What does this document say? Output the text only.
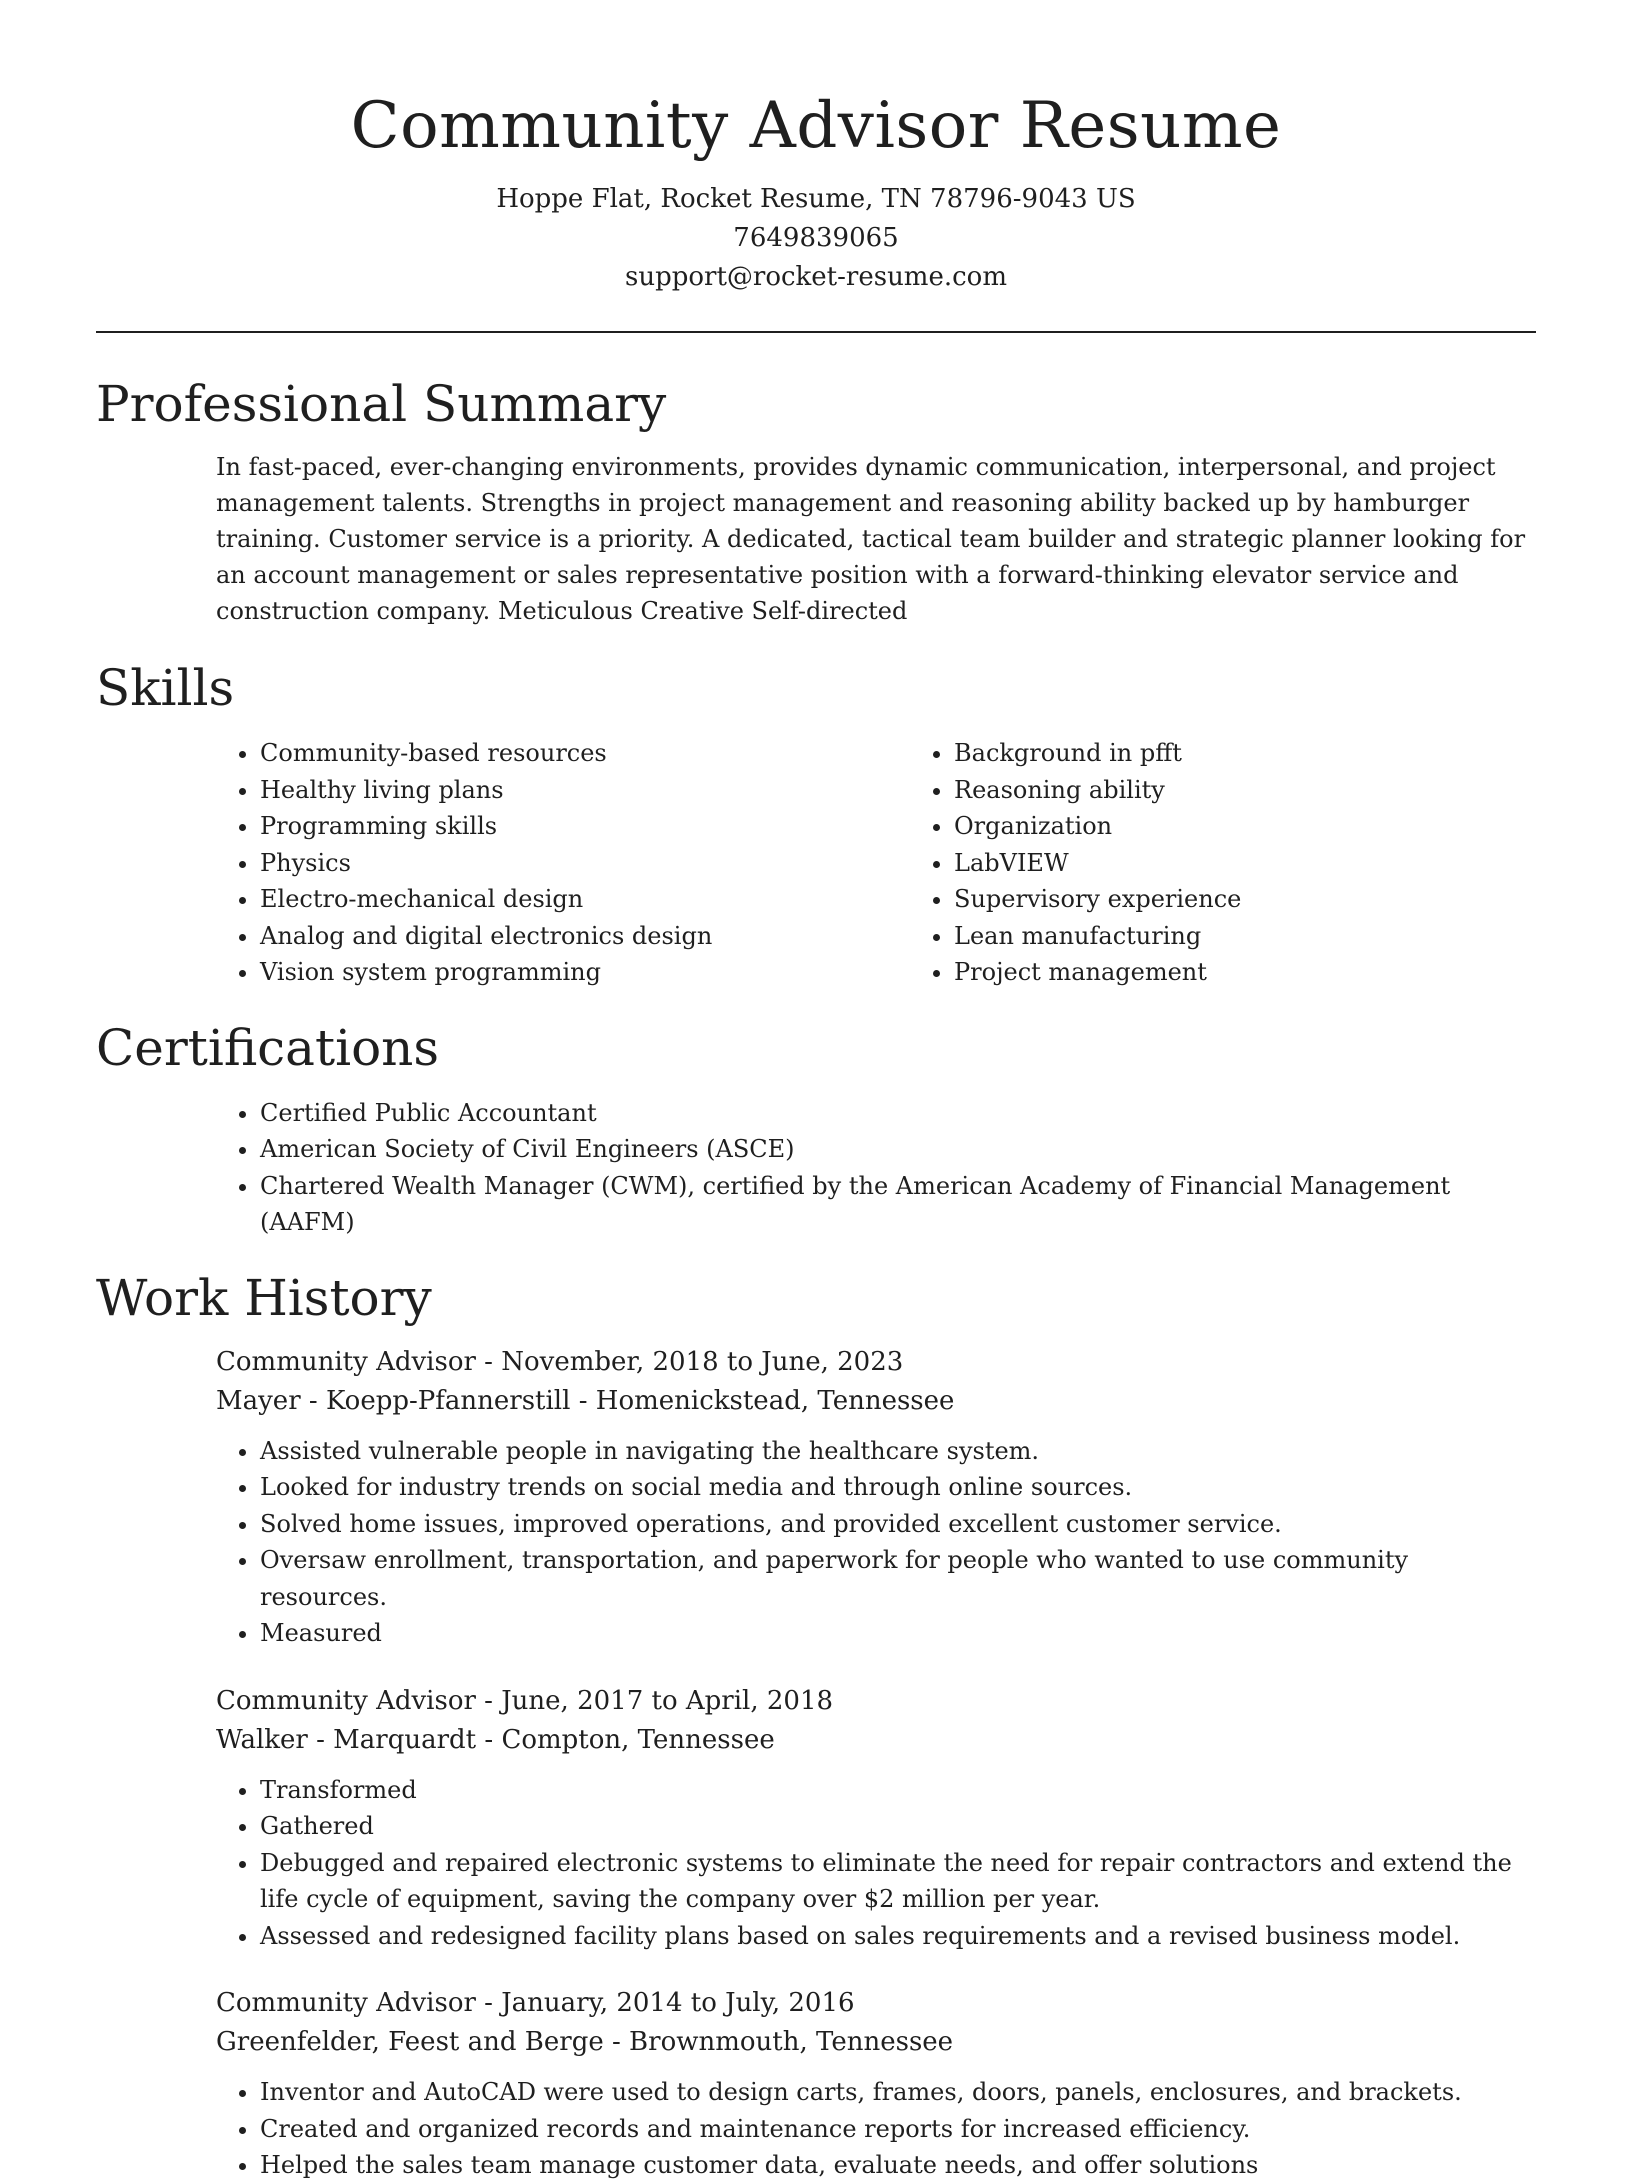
Community Advisor Resume
Hoppe Flat, Rocket Resume, TN 78796-9043 US
7649839065
support@rocket-resume.com
Professional Summary

In fast-paced, ever-changing environments, provides dynamic communication, interpersonal, and project management talents. Strengths in project management and reasoning ability backed up by hamburger training. Customer service is a priority. A dedicated, tactical team builder and strategic planner looking for an account management or sales representative position with a forward-thinking elevator service and construction company. Meticulous Creative Self-directed

Skills
• Community-based resources
• Healthy living plans
• Programming skills
• Physics
• Electro-mechanical design
• Analog and digital electronics design
• Vision system programming
• Background in pfft
• Reasoning ability
• Organization
• LabVIEW
• Supervisory experience
• Lean manufacturing
• Project management
Certifications
• Certified Public Accountant
• American Society of Civil Engineers (ASCE)
• Chartered Wealth Manager (CWM), certified by the American Academy of Financial Management (AAFM)
Work History
Community Advisor - November, 2018 to June, 2023
Mayer - Koepp-Pfannerstill - Homenickstead, Tennessee
• Assisted vulnerable people in navigating the healthcare system.
• Looked for industry trends on social media and through online sources.
• Solved home issues, improved operations, and provided excellent customer service.
• Oversaw enrollment, transportation, and paperwork for people who wanted to use community resources.
• Measured
Community Advisor - June, 2017 to April, 2018
Walker - Marquardt - Compton, Tennessee
• Transformed
• Gathered
• Debugged and repaired electronic systems to eliminate the need for repair contractors and extend the life cycle of equipment, saving the company over $2 million per year.
• Assessed and redesigned facility plans based on sales requirements and a revised business model.
Community Advisor - January, 2014 to July, 2016
Greenfelder, Feest and Berge - Brownmouth, Tennessee
• Inventor and AutoCAD were used to design carts, frames, doors, panels, enclosures, and brackets.
• Created and organized records and maintenance reports for increased efficiency.
• Helped the sales team manage customer data, evaluate needs, and offer solutions
